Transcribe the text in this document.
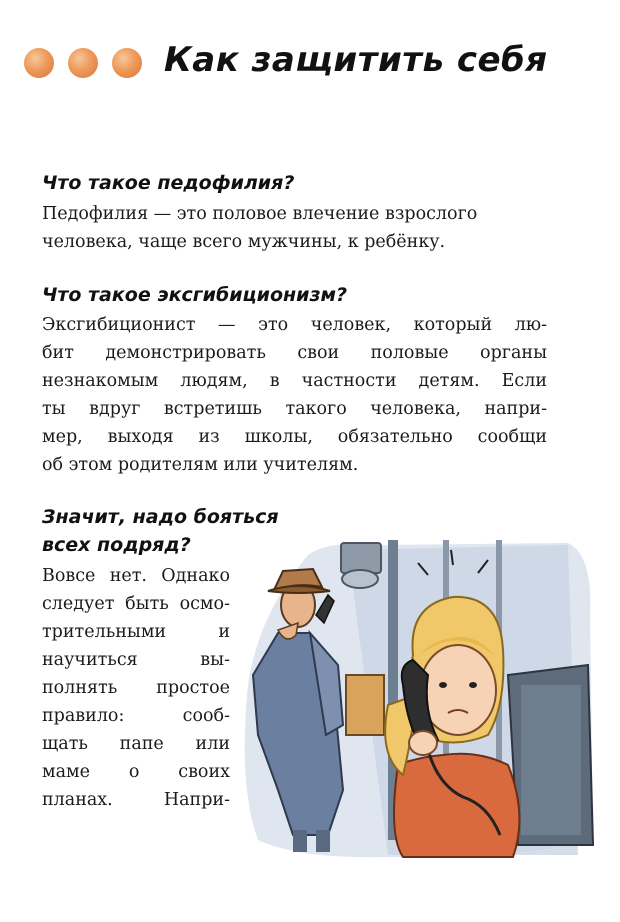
Как защитить себя
Что такое педофилия?
Педофилия — это половое влечение взрослого
человека, чаще всего мужчины, к ребёнку.
Что такое эксгибиционизм?
Эксгибиционист — это человек, который лю-
бит демонстрировать свои половые органы
незнакомым людям, в частности детям. Если
ты вдруг встретишь такого человека, напри-
мер, выходя из школы, обязательно сообщи
об этом родителям или учителям.
Значит, надо бояться
всех подряд?
Вовсе нет. Однако
следует быть осмо-
трительными и
научиться вы-
полнять простое
правило: сооб-
щать папе или
маме о своих
планах. Напри-
